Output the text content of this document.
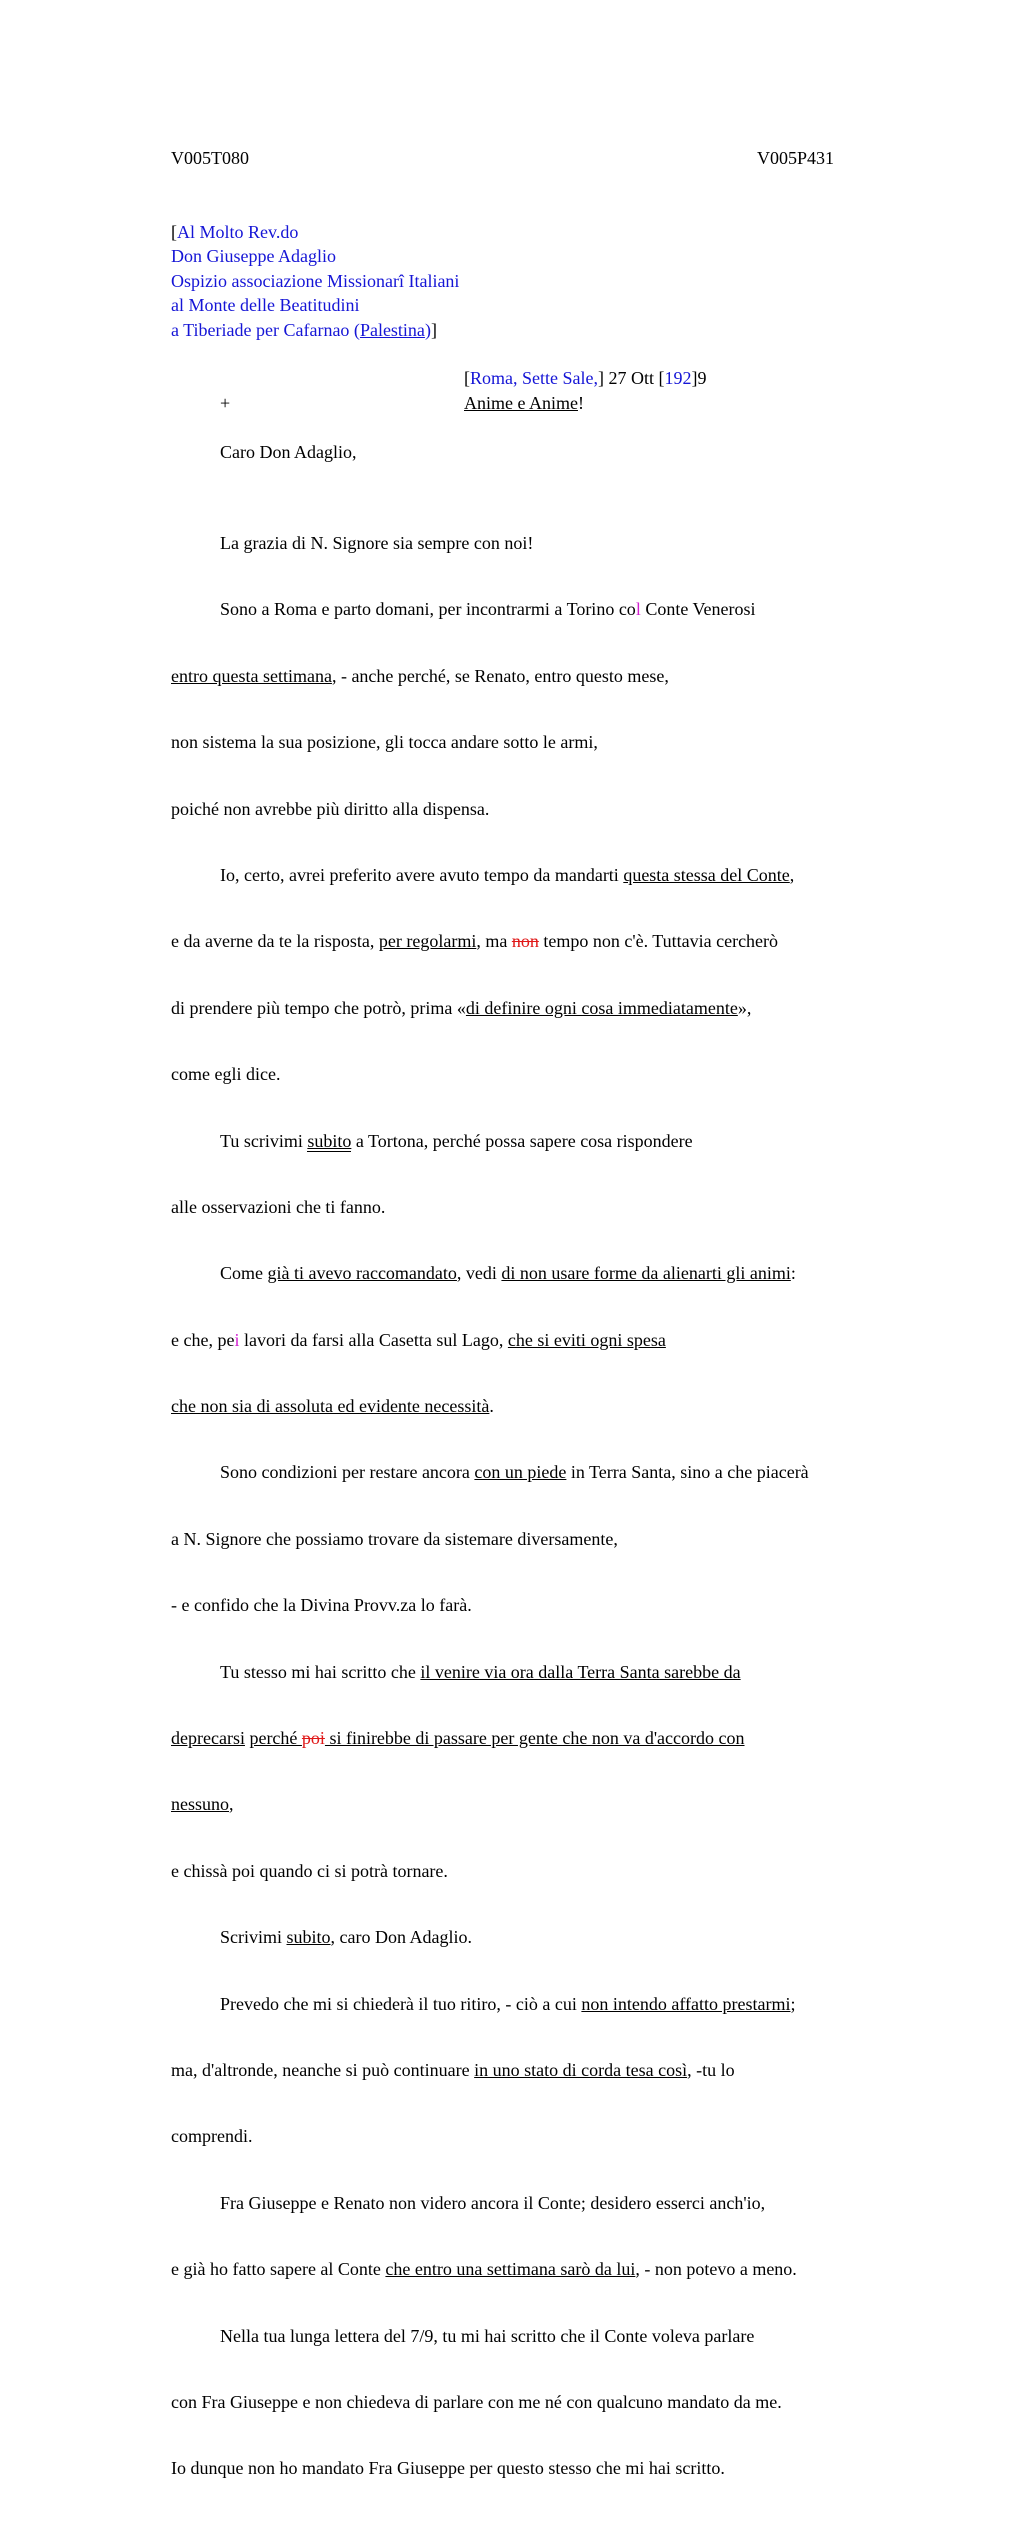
V005T080	V005P431
[Al Molto Rev.do
Don Giuseppe Adaglio
Ospizio associazione Missionarî Italiani
al Monte delle Beatitudini
a Tiberiade per Cafarnao (Palestina)]
[Roma, Sette Sale,] 27 Ott [192]9
+	Anime e Anime!
Caro Don Adaglio,

La grazia di N. Signore sia sempre con noi!

Sono a Roma e parto domani, per incontrarmi a Torino col Conte Venerosi

entro questa settimana, - anche perché, se Renato, entro questo mese,

non sistema la sua posizione, gli tocca andare sotto le armi,

poiché non avrebbe più diritto alla dispensa.

Io, certo, avrei preferito avere avuto tempo da mandarti questa stessa del Conte,

e da averne da te la risposta, per regolarmi, ma non tempo non c'è. Tuttavia cercherò

di prendere più tempo che potrò, prima «di definire ogni cosa immediatamente»,

come egli dice.

Tu scrivimi subito a Tortona, perché possa sapere cosa rispondere

alle osservazioni che ti fanno.

Come già ti avevo raccomandato, vedi di non usare forme da alienarti gli animi:

e che, pei lavori da farsi alla Casetta sul Lago, che si eviti ogni spesa

che non sia di assoluta ed evidente necessità.

Sono condizioni per restare ancora con un piede in Terra Santa, sino a che piacerà

a N. Signore che possiamo trovare da sistemare diversamente,

- e confido che la Divina Provv.za lo farà.

Tu stesso mi hai scritto che il venire via ora dalla Terra Santa sarebbe da

deprecarsi perché poi si finirebbe di passare per gente che non va d'accordo con

nessuno,

e chissà poi quando ci si potrà tornare.

Scrivimi subito, caro Don Adaglio.

Prevedo che mi si chiederà il tuo ritiro, - ciò a cui non intendo affatto prestarmi;

ma, d'altronde, neanche si può continuare in uno stato di corda tesa così, -tu lo

comprendi.

Fra Giuseppe e Renato non videro ancora il Conte; desidero esserci anch'io,

e già ho fatto sapere al Conte che entro una settimana sarò da lui, - non potevo a meno.

Nella tua lunga lettera del 7/9, tu mi hai scritto che il Conte voleva parlare

con Fra Giuseppe e non chiedeva di parlare con me né con qualcuno mandato da me.

Io dunque non ho mandato Fra Giuseppe per questo stesso che mi hai scritto.
